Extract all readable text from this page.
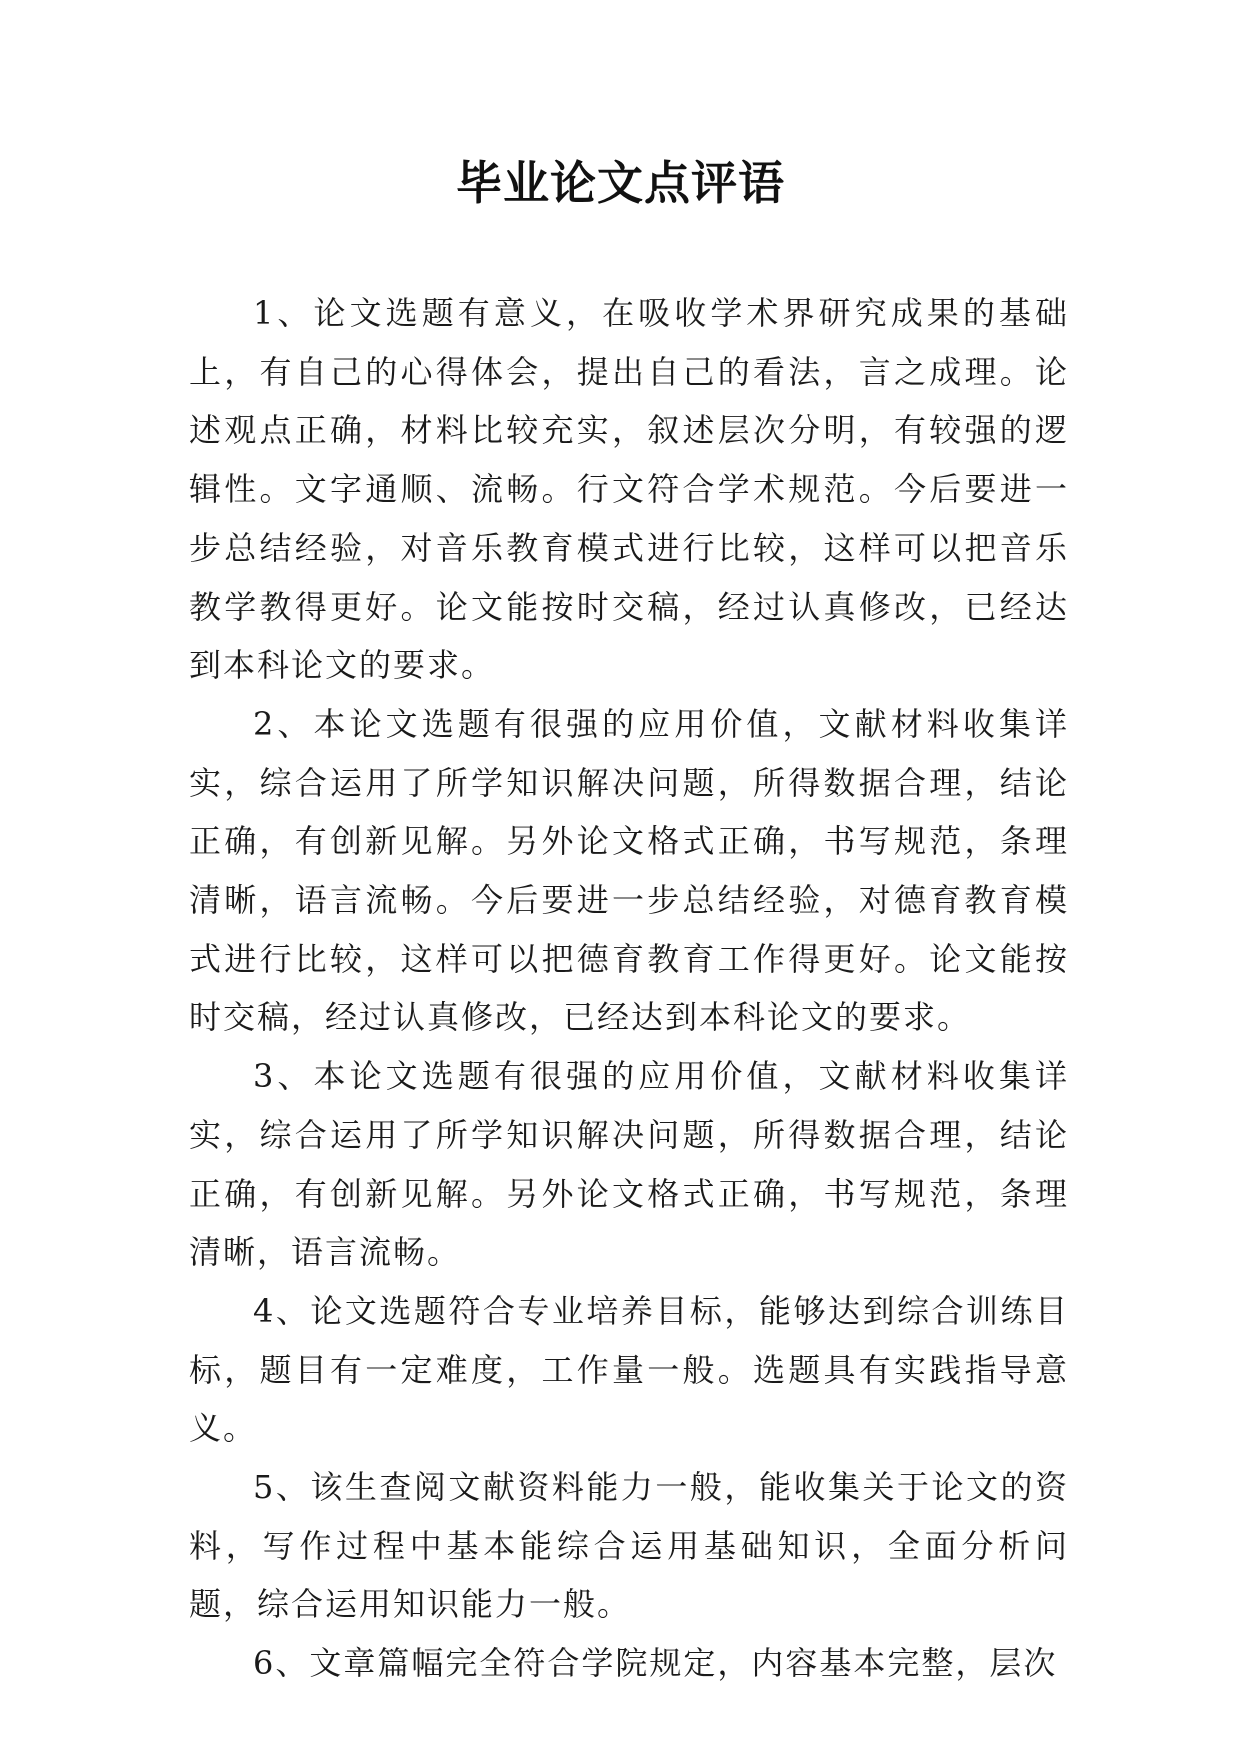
毕业论文点评语

1、论文选题有意义，在吸收学术界研究成果的基础上，有自己的心得体会，提出自己的看法，言之成理。论述观点正确，材料比较充实，叙述层次分明，有较强的逻辑性。文字通顺、流畅。行文符合学术规范。今后要进一步总结经验，对音乐教育模式进行比较，这样可以把音乐教学教得更好。论文能按时交稿，经过认真修改，已经达到本科论文的要求。

2、本论文选题有很强的应用价值，文献材料收集详实，综合运用了所学知识解决问题，所得数据合理，结论正确，有创新见解。另外论文格式正确，书写规范，条理清晰，语言流畅。今后要进一步总结经验，对德育教育模式进行比较，这样可以把德育教育工作得更好。论文能按时交稿，经过认真修改，已经达到本科论文的要求。

3、本论文选题有很强的应用价值，文献材料收集详实，综合运用了所学知识解决问题，所得数据合理，结论正确，有创新见解。另外论文格式正确，书写规范，条理清晰，语言流畅。

4、论文选题符合专业培养目标，能够达到综合训练目标，题目有一定难度，工作量一般。选题具有实践指导意义。

5、该生查阅文献资料能力一般，能收集关于论文的资料，写作过程中基本能综合运用基础知识，全面分析问题，综合运用知识能力一般。

6、文章篇幅完全符合学院规定，内容基本完整，层次
